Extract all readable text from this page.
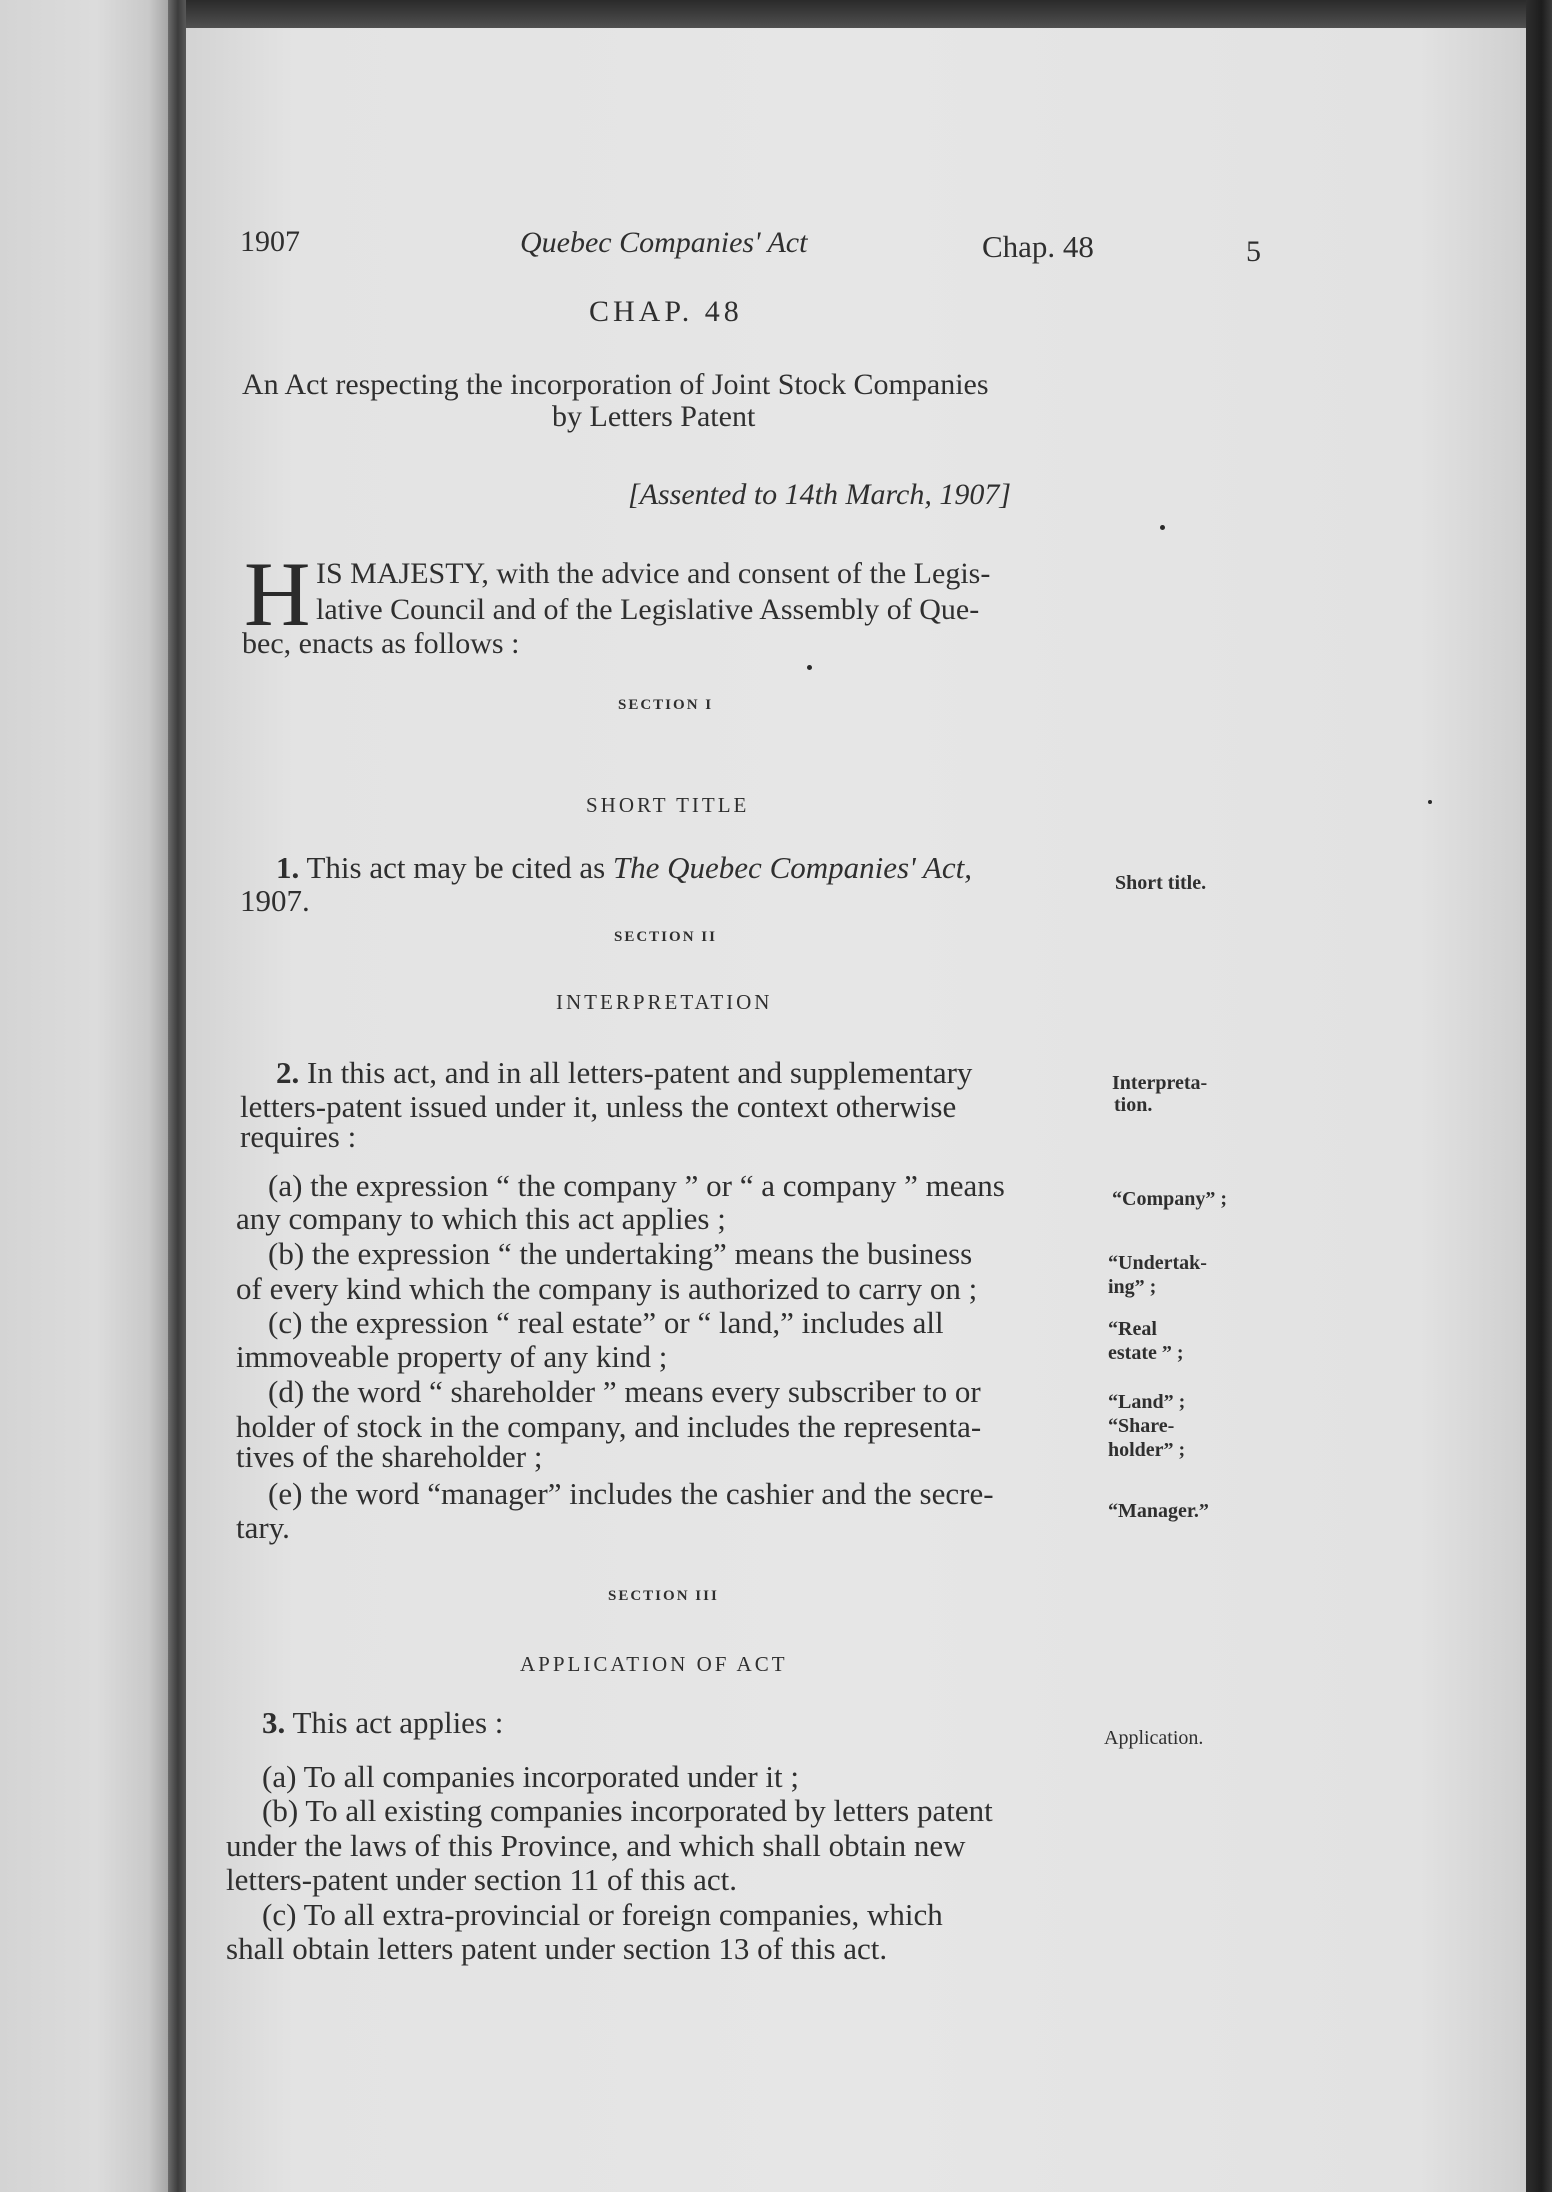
1907	Quebec Companies' Act	Chap. 48	5
CHAP. 48
An Act respecting the incorporation of Joint Stock Companies
by Letters Patent
[Assented to 14th March, 1907]
H IS MAJESTY, with the advice and consent of the Legis-
lative Council and of the Legislative Assembly of Que-
bec, enacts as follows :
SECTION I
SHORT TITLE
1. This act may be cited as The Quebec Companies' Act,
1907.	Short title.
SECTION II
INTERPRETATION
2. In this act, and in all letters-patent and supplementary
letters-patent issued under it, unless the context otherwise
requires :
Interpreta-
tion.
(a) the expression “ the company ” or “ a company ” means
any company to which this act applies ;
“Company” ;
(b) the expression “ the undertaking” means the business
of every kind which the company is authorized to carry on ;
“Undertak-
ing” ;
(c) the expression “ real estate” or “ land,” includes all
immoveable property of any kind ;
“Real
estate ” ;
(d) the word “ shareholder ” means every subscriber to or
holder of stock in the company, and includes the representa-
tives of the shareholder ;
“Land” ;
“Share-
holder” ;
(e) the word “manager” includes the cashier and the secre-
tary.	“Manager.”
SECTION III
APPLICATION OF ACT
3. This act applies :	Application.
(a) To all companies incorporated under it ;
(b) To all existing companies incorporated by letters patent
under the laws of this Province, and which shall obtain new
letters-patent under section 11 of this act.
(c) To all extra-provincial or foreign companies, which
shall obtain letters patent under section 13 of this act.
